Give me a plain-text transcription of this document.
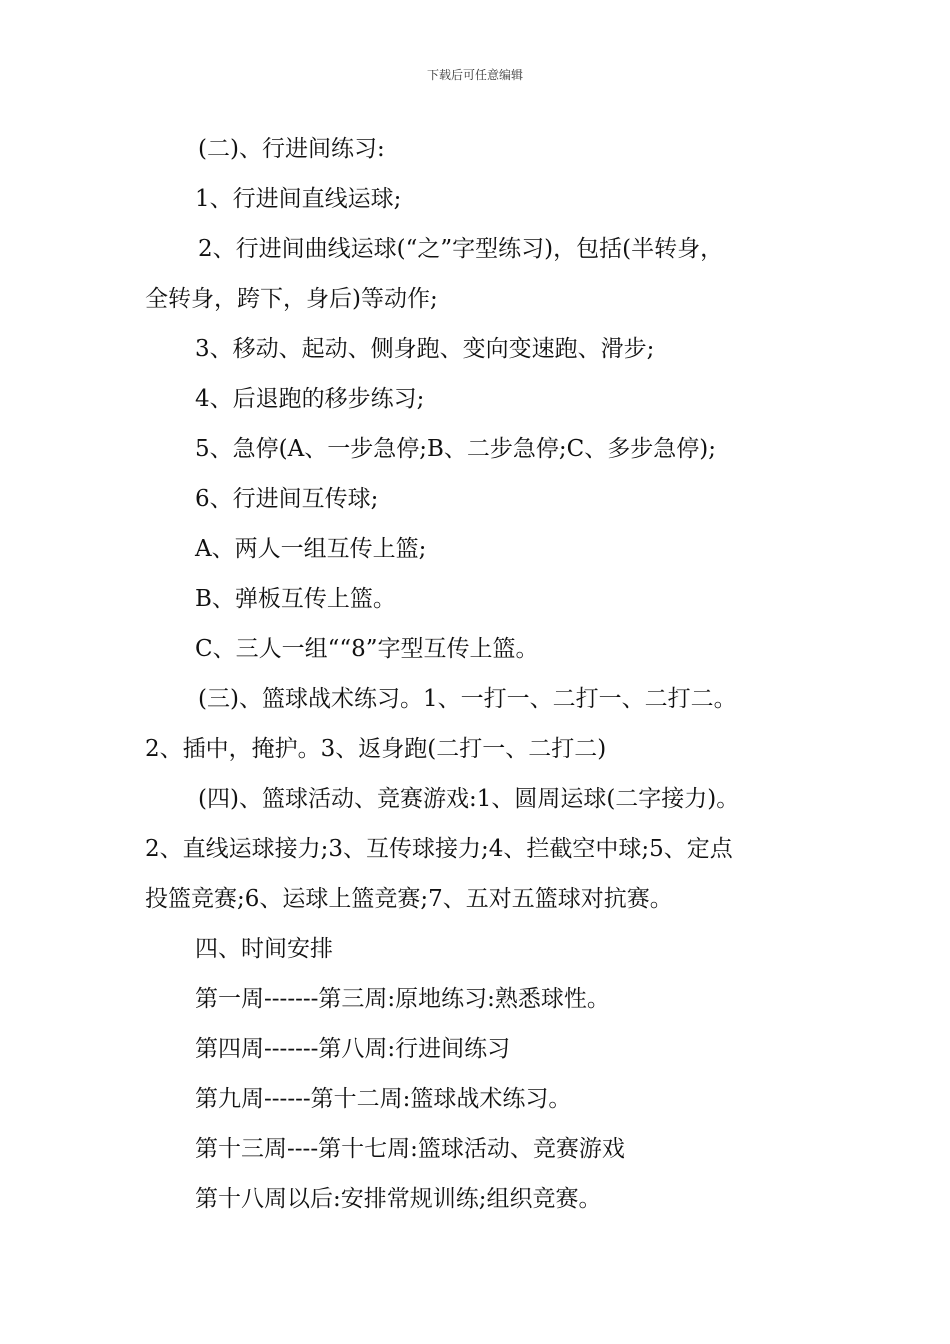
下载后可任意编辑
(二)、行进间练习:
1、行进间直线运球;
2、行进间曲线运球(“之”字型练习)，包括(半转身，
全转身，跨下，身后)等动作;
3、移动、起动、侧身跑、变向变速跑、滑步;
4、后退跑的移步练习;
5、急停(A、一步急停;B、二步急停;C、多步急停);
6、行进间互传球;
A、两人一组互传上篮;
B、弹板互传上篮。
C、三人一组““8”字型互传上篮。
(三)、篮球战术练习。1、一打一、二打一、二打二。
2、插中，掩护。3、返身跑(二打一、二打二)
(四)、篮球活动、竞赛游戏:1、圆周运球(二字接力)。
2、直线运球接力;3、互传球接力;4、拦截空中球;5、定点
投篮竞赛;6、运球上篮竞赛;7、五对五篮球对抗赛。
四、时间安排
第一周-------第三周:原地练习:熟悉球性。
第四周-------第八周:行进间练习
第九周------第十二周:篮球战术练习。
第十三周----第十七周:篮球活动、竞赛游戏
第十八周以后:安排常规训练;组织竞赛。
